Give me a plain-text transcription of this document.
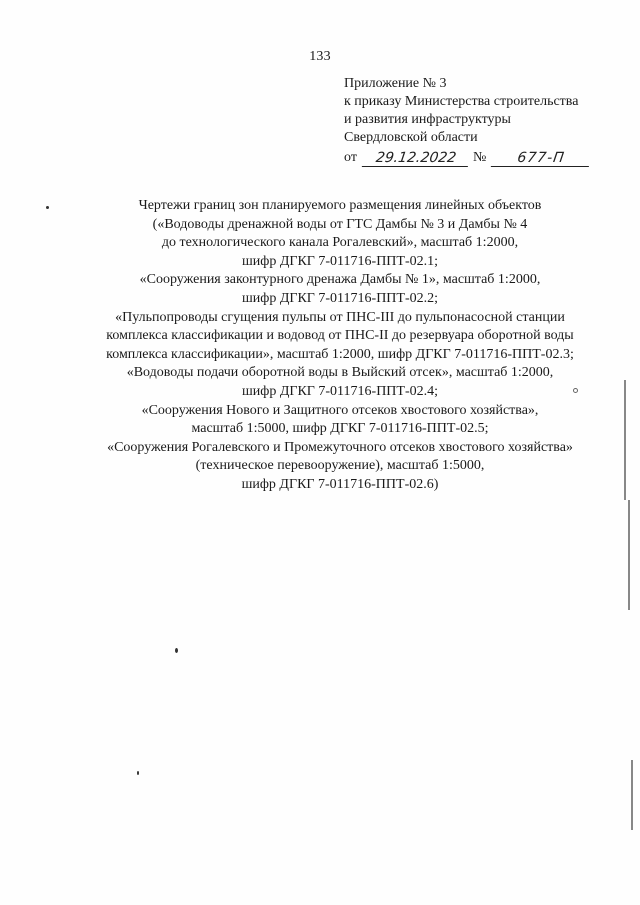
133
Приложение № 3
к приказу Министерства строительства
и развития инфраструктуры
Свердловской области
от	29.12.2022	№	677-П
Чертежи границ зон планируемого размещения линейных объектов
(«Водоводы дренажной воды от ГТС Дамбы № 3 и Дамбы № 4
до технологического канала Рогалевский», масштаб 1:2000,
шифр ДГКГ 7-011716-ППТ-02.1;
«Сооружения законтурного дренажа Дамбы № 1», масштаб 1:2000,
шифр ДГКГ 7-011716-ППТ-02.2;
«Пульпопроводы сгущения пульпы от ПНС-III до пульпонасосной станции
комплекса классификации и водовод от ПНС-II до резервуара оборотной воды
комплекса классификации», масштаб 1:2000, шифр ДГКГ 7-011716-ППТ-02.3;
«Водоводы подачи оборотной воды в Выйский отсек», масштаб 1:2000,
шифр ДГКГ 7-011716-ППТ-02.4;
«Сооружения Нового и Защитного отсеков хвостового хозяйства»,
масштаб 1:5000, шифр ДГКГ 7-011716-ППТ-02.5;
«Сооружения Рогалевского и Промежуточного отсеков хвостового хозяйства»
(техническое перевооружение), масштаб 1:5000,
шифр ДГКГ 7-011716-ППТ-02.6)
